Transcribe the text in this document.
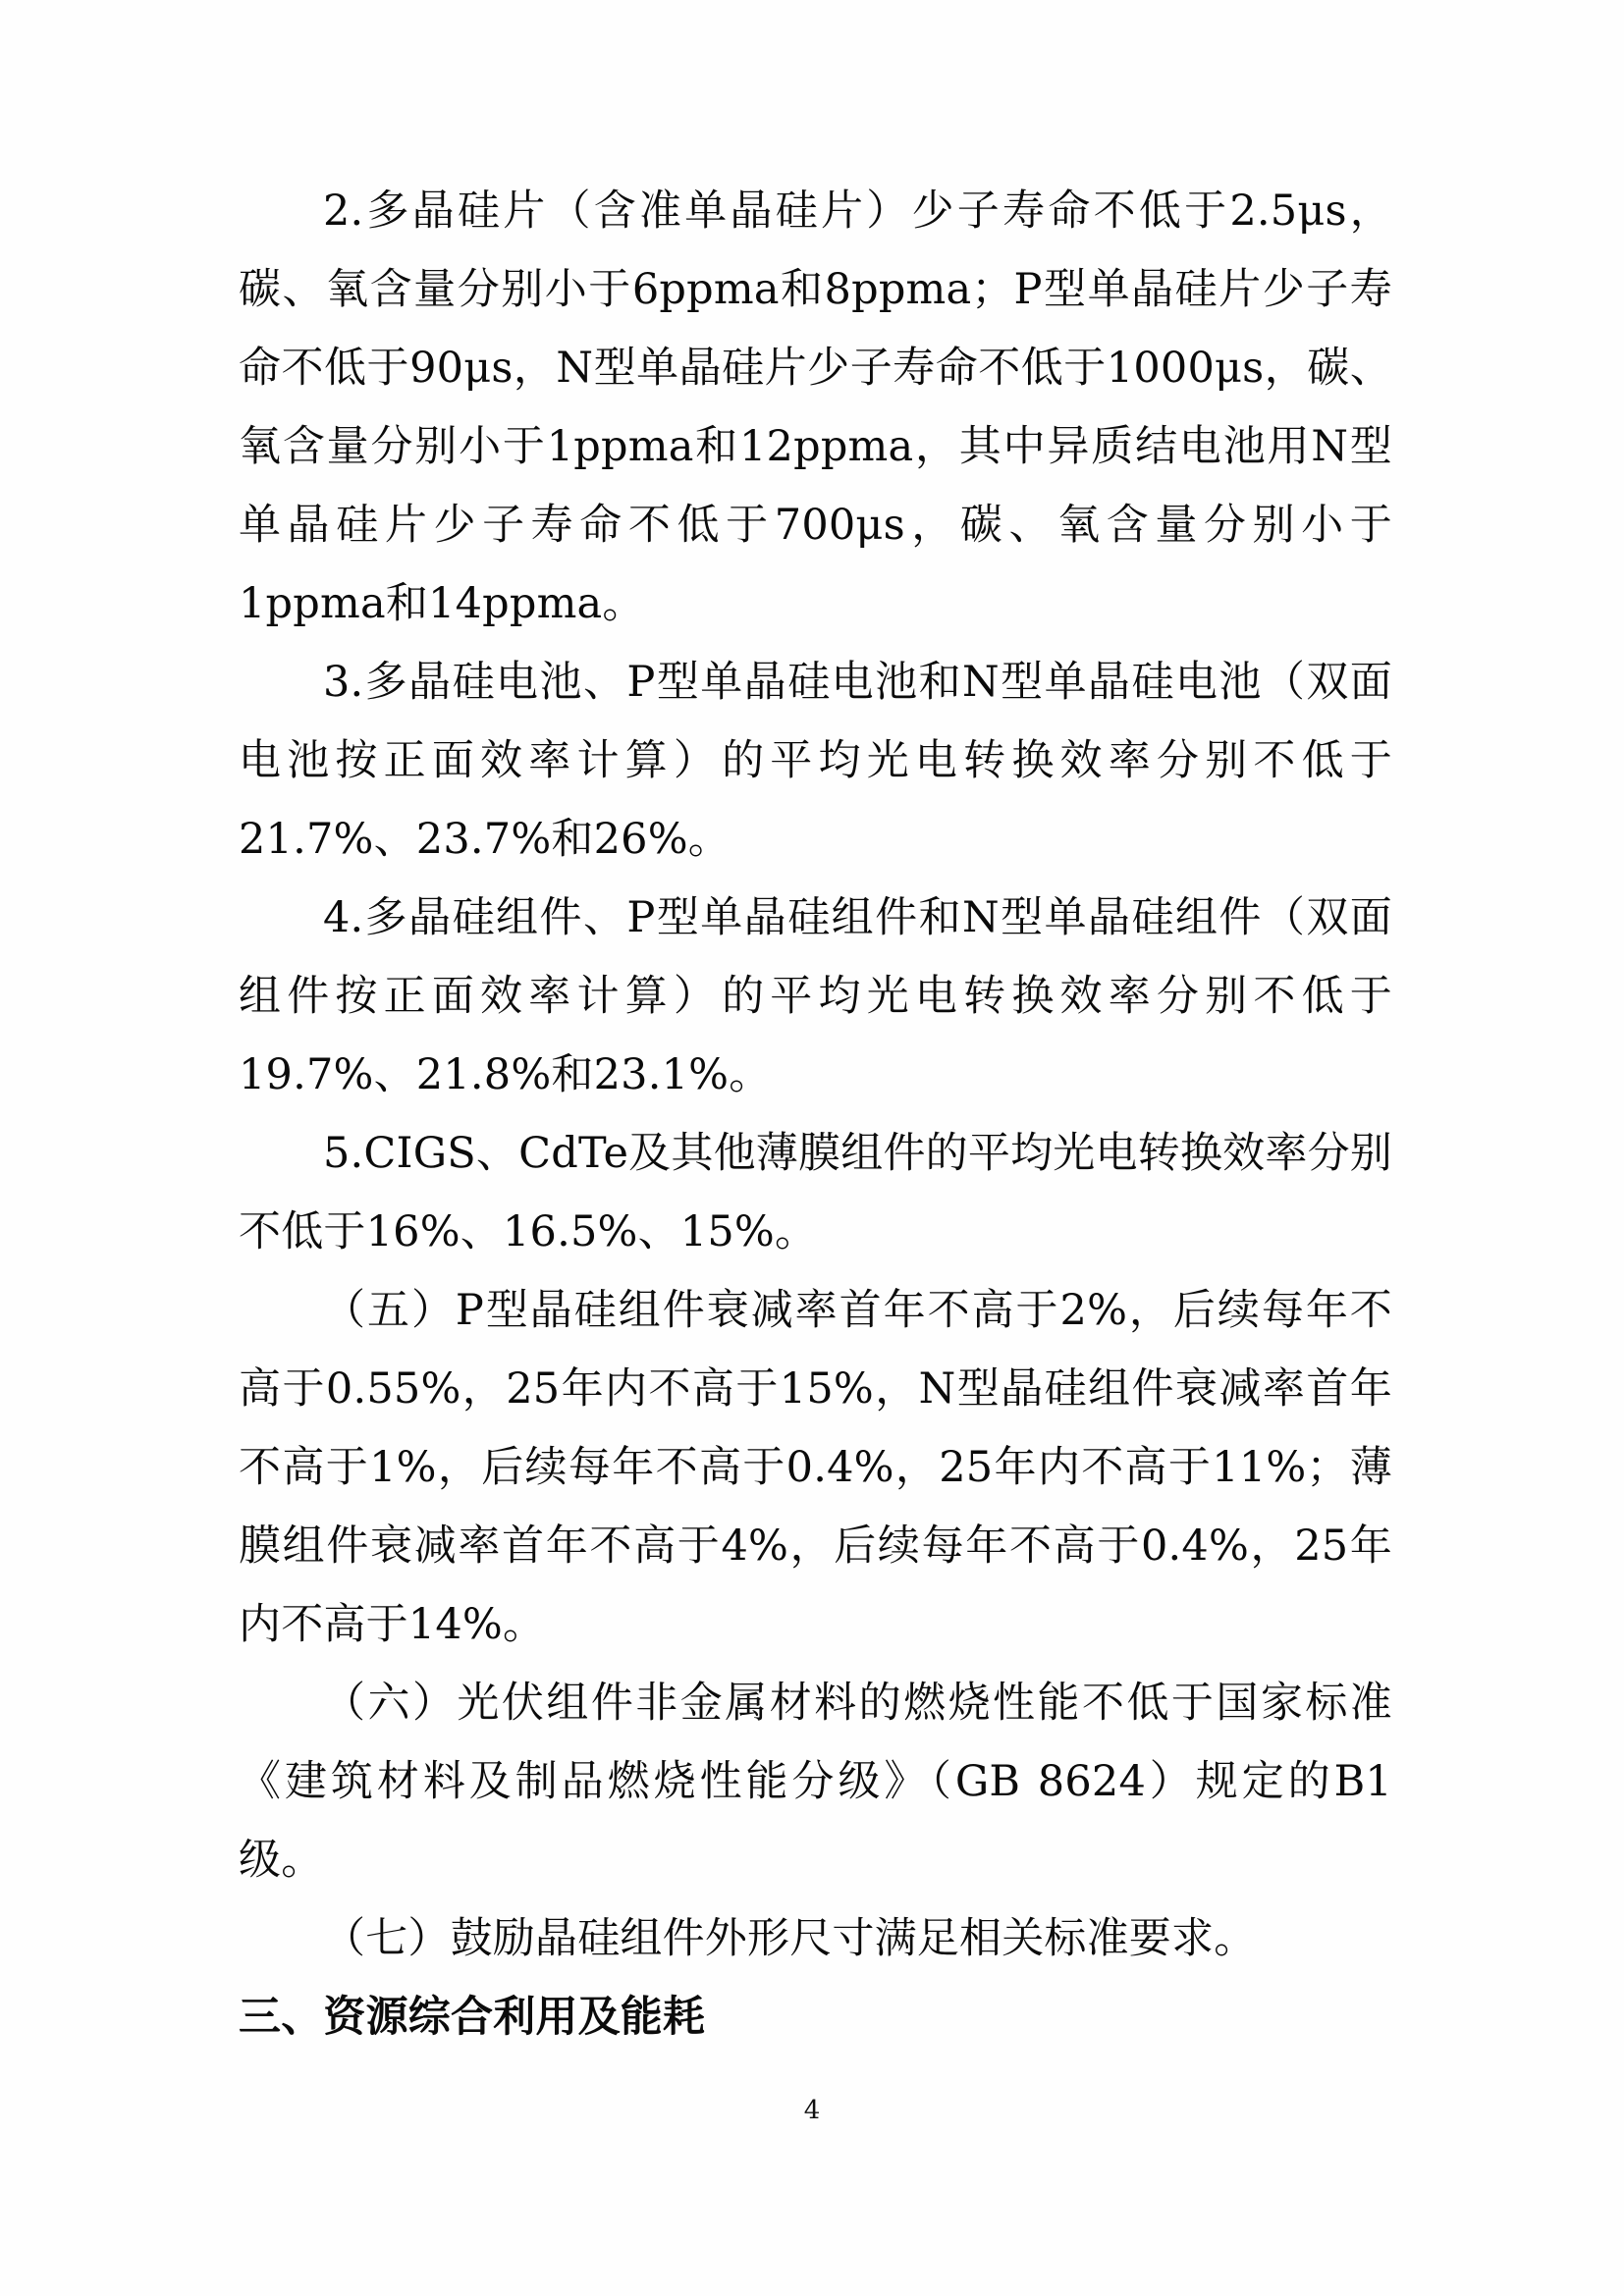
2.多晶硅片（含准单晶硅片）少子寿命不低于2.5μs，碳、氧含量分别小于6ppma和8ppma；P型单晶硅片少子寿命不低于90μs，N型单晶硅片少子寿命不低于1000μs，碳、氧含量分别小于1ppma和12ppma，其中异质结电池用N型单晶硅片少子寿命不低于700μs，碳、氧含量分别小于1ppma和14ppma。

3.多晶硅电池、P型单晶硅电池和N型单晶硅电池（双面电池按正面效率计算）的平均光电转换效率分别不低于21.7%、23.7%和26%。

4.多晶硅组件、P型单晶硅组件和N型单晶硅组件（双面组件按正面效率计算）的平均光电转换效率分别不低于19.7%、21.8%和23.1%。

5.CIGS、CdTe及其他薄膜组件的平均光电转换效率分别不低于16%、16.5%、15%。

（五）P型晶硅组件衰减率首年不高于2%，后续每年不高于0.55%，25年内不高于15%，N型晶硅组件衰减率首年不高于1%，后续每年不高于0.4%，25年内不高于11%；薄膜组件衰减率首年不高于4%，后续每年不高于0.4%，25年内不高于14%。

（六）光伏组件非金属材料的燃烧性能不低于国家标准《建筑材料及制品燃烧性能分级》（GB 8624）规定的B1级。

（七）鼓励晶硅组件外形尺寸满足相关标准要求。

三、资源综合利用及能耗

4
